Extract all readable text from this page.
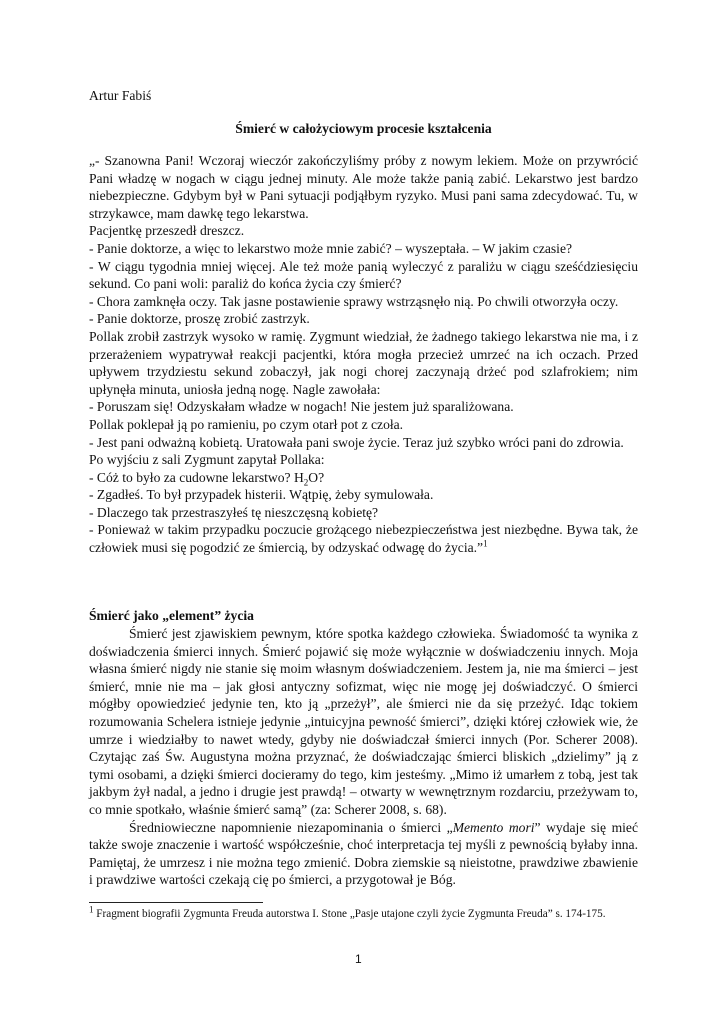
Artur Fabiś
Śmierć w całożyciowym procesie kształcenia

„- Szanowna Pani! Wczoraj wieczór zakończyliśmy próby z nowym lekiem. Może on przywrócić Pani władzę w nogach w ciągu jednej minuty. Ale może także panią zabić. Lekarstwo jest bardzo niebezpieczne. Gdybym był w Pani sytuacji podjąłbym ryzyko. Musi pani sama zdecydować. Tu, w strzykawce, mam dawkę tego lekarstwa.

Pacjentkę przeszedł dreszcz.

- Panie doktorze, a więc to lekarstwo może mnie zabić? – wyszeptała. – W jakim czasie?

- W ciągu tygodnia mniej więcej. Ale też może panią wyleczyć z paraliżu w ciągu sześćdziesięciu sekund. Co pani woli: paraliż do końca życia czy śmierć?

- Chora zamknęła oczy. Tak jasne postawienie sprawy wstrząsnęło nią. Po chwili otworzyła oczy.

- Panie doktorze, proszę zrobić zastrzyk.

Pollak zrobił zastrzyk wysoko w ramię. Zygmunt wiedział, że żadnego takiego lekarstwa nie ma, i z przerażeniem wypatrywał reakcji pacjentki, która mogła przecież umrzeć na ich oczach. Przed upływem trzydziestu sekund zobaczył, jak nogi chorej zaczynają drżeć pod szlafrokiem; nim upłynęła minuta, uniosła jedną nogę. Nagle zawołała:

- Poruszam się! Odzyskałam władze w nogach! Nie jestem już sparaliżowana.

Pollak poklepał ją po ramieniu, po czym otarł pot z czoła.

- Jest pani odważną kobietą. Uratowała pani swoje życie. Teraz już szybko wróci pani do zdrowia.

Po wyjściu z sali Zygmunt zapytał Pollaka:

- Cóż to było za cudowne lekarstwo? $H_2O$?

- Zgadłeś. To był przypadek histerii. Wątpię, żeby symulowała.

- Dlaczego tak przestraszyłeś tę nieszczęsną kobietę?

- Ponieważ w takim przypadku poczucie grożącego niebezpieczeństwa jest niezbędne. Bywa tak, że człowiek musi się pogodzić ze śmiercią, by odzyskać odwagę do życia.”$^1$

Śmierć jako „element” życia

Śmierć jest zjawiskiem pewnym, które spotka każdego człowieka. Świadomość ta wynika z doświadczenia śmierci innych. Śmierć pojawić się może wyłącznie w doświadczeniu innych. Moja własna śmierć nigdy nie stanie się moim własnym doświadczeniem. Jestem ja, nie ma śmierci – jest śmierć, mnie nie ma – jak głosi antyczny sofizmat, więc nie mogę jej doświadczyć. O śmierci mógłby opowiedzieć jedynie ten, kto ją „przeżył”, ale śmierci nie da się przeżyć. Idąc tokiem rozumowania Schelera istnieje jedynie „intuicyjna pewność śmierci”, dzięki której człowiek wie, że umrze i wiedziałby to nawet wtedy, gdyby nie doświadczał śmierci innych (Por. Scherer 2008). Czytając zaś Św. Augustyna można przyznać, że doświadczając śmierci bliskich „dzielimy” ją z tymi osobami, a dzięki śmierci docieramy do tego, kim jesteśmy. „Mimo iż umarłem z tobą, jest tak jakbym żył nadal, a jedno i drugie jest prawdą! – otwarty w wewnętrznym rozdarciu, przeżywam to, co mnie spotkało, właśnie śmierć samą” (za: Scherer 2008, s. 68).

Średniowieczne napomnienie niezapominania o śmierci „Memento mori” wydaje się mieć także swoje znaczenie i wartość współcześnie, choć interpretacja tej myśli z pewnością byłaby inna. Pamiętaj, że umrzesz i nie można tego zmienić. Dobra ziemskie są nieistotne, prawdziwe zbawienie i prawdziwe wartości czekają cię po śmierci, a przygotował je Bóg.

$^1$ Fragment biografii Zygmunta Freuda autorstwa I. Stone „Pasje utajone czyli życie Zygmunta Freuda” s. 174-175.
1
